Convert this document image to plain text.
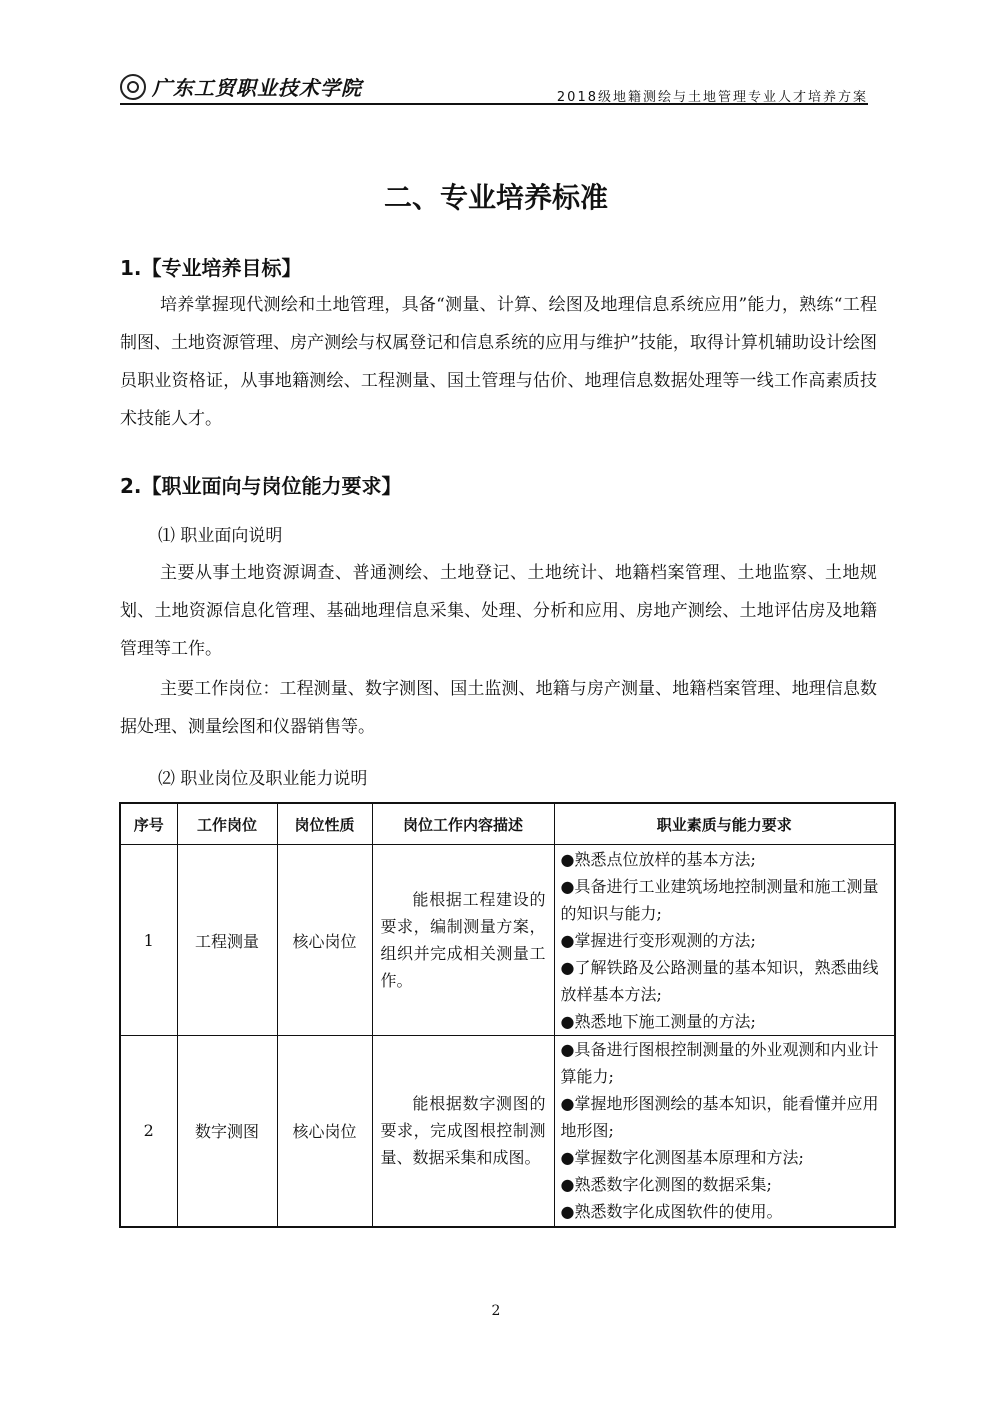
广东工贸职业技术学院	2018级地籍测绘与土地管理专业人才培养方案
二、专业培养标准
1.【专业培养目标】
培养掌握现代测绘和土地管理，具备“测量、计算、绘图及地理信息系统应用”能力，熟练“工程制图、土地资源管理、房产测绘与权属登记和信息系统的应用与维护”技能，取得计算机辅助设计绘图员职业资格证，从事地籍测绘、工程测量、国土管理与估价、地理信息数据处理等一线工作高素质技术技能人才。
2.【职业面向与岗位能力要求】
⑴ 职业面向说明
主要从事土地资源调查、普通测绘、土地登记、土地统计、地籍档案管理、土地监察、土地规划、土地资源信息化管理、基础地理信息采集、处理、分析和应用、房地产测绘、土地评估房及地籍管理等工作。
主要工作岗位：工程测量、数字测图、国土监测、地籍与房产测量、地籍档案管理、地理信息数据处理、测量绘图和仪器销售等。
⑵ 职业岗位及职业能力说明
序号	工作岗位	岗位性质	岗位工作内容描述	职业素质与能力要求
1	工程测量	核心岗位	能根据工程建设的要求，编制测量方案，组织并完成相关测量工作。	●熟悉点位放样的基本方法;

●具备进行工业建筑场地控制测量和施工测量的知识与能力;

●掌握进行变形观测的方法;

●了解铁路及公路测量的基本知识，熟悉曲线放样基本方法;

●熟悉地下施工测量的方法;

2	数字测图	核心岗位	能根据数字测图的要求，完成图根控制测量、数据采集和成图。	●具备进行图根控制测量的外业观测和内业计算能力;

●掌握地形图测绘的基本知识，能看懂并应用地形图;

●掌握数字化测图基本原理和方法;

●熟悉数字化测图的数据采集;

●熟悉数字化成图软件的使用。

2
